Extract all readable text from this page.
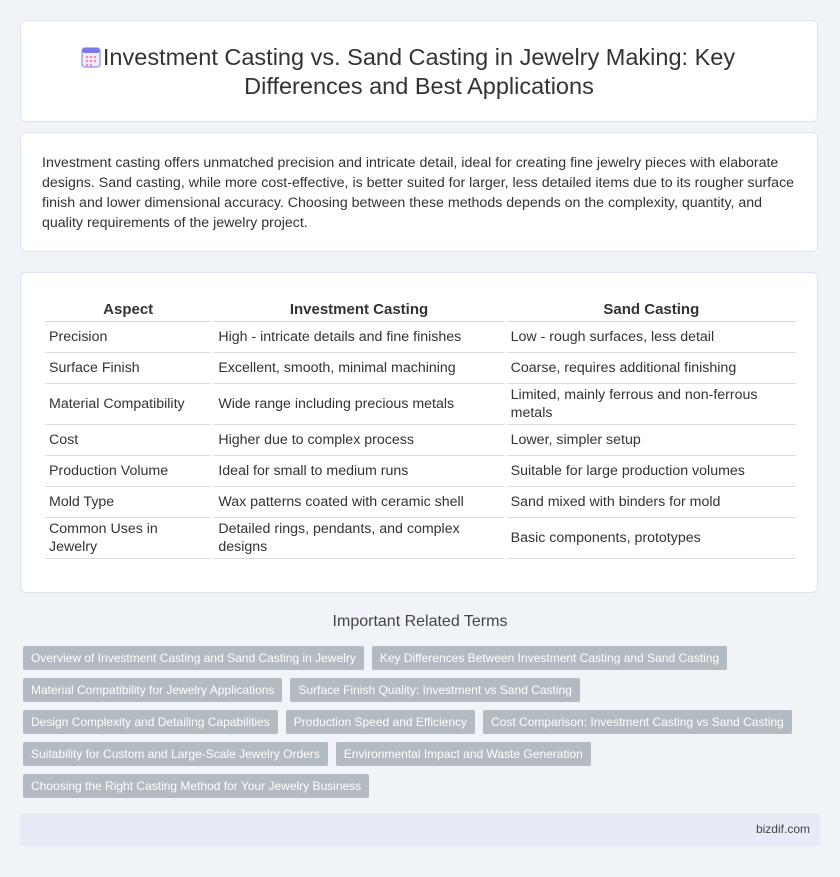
Investment Casting vs. Sand Casting in Jewelry Making: Key
Differences and Best Applications

Investment casting offers unmatched precision and intricate detail, ideal for creating fine jewelry pieces with elaborate designs. Sand casting, while more cost-effective, is better suited for larger, less detailed items due to its rougher surface finish and lower dimensional accuracy. Choosing between these methods depends on the complexity, quantity, and quality requirements of the jewelry project.

Aspect	Investment Casting	Sand Casting
Precision	High - intricate details and fine finishes	Low - rough surfaces, less detail
Surface Finish	Excellent, smooth, minimal machining	Coarse, requires additional finishing
Material Compatibility	Wide range including precious metals	Limited, mainly ferrous and non-ferrous metals
Cost	Higher due to complex process	Lower, simpler setup
Production Volume	Ideal for small to medium runs	Suitable for large production volumes
Mold Type	Wax patterns coated with ceramic shell	Sand mixed with binders for mold
Common Uses in Jewelry	Detailed rings, pendants, and complex designs	Basic components, prototypes
Important Related Terms
Overview of Investment Casting and Sand Casting in Jewelry	Key Differences Between Investment Casting and Sand Casting
Material Compatibility for Jewelry Applications	Surface Finish Quality: Investment vs Sand Casting
Design Complexity and Detailing Capabilities	Production Speed and Efficiency	Cost Comparison: Investment Casting vs Sand Casting
Suitability for Custom and Large-Scale Jewelry Orders	Environmental Impact and Waste Generation
Choosing the Right Casting Method for Your Jewelry Business
bizdif.com
